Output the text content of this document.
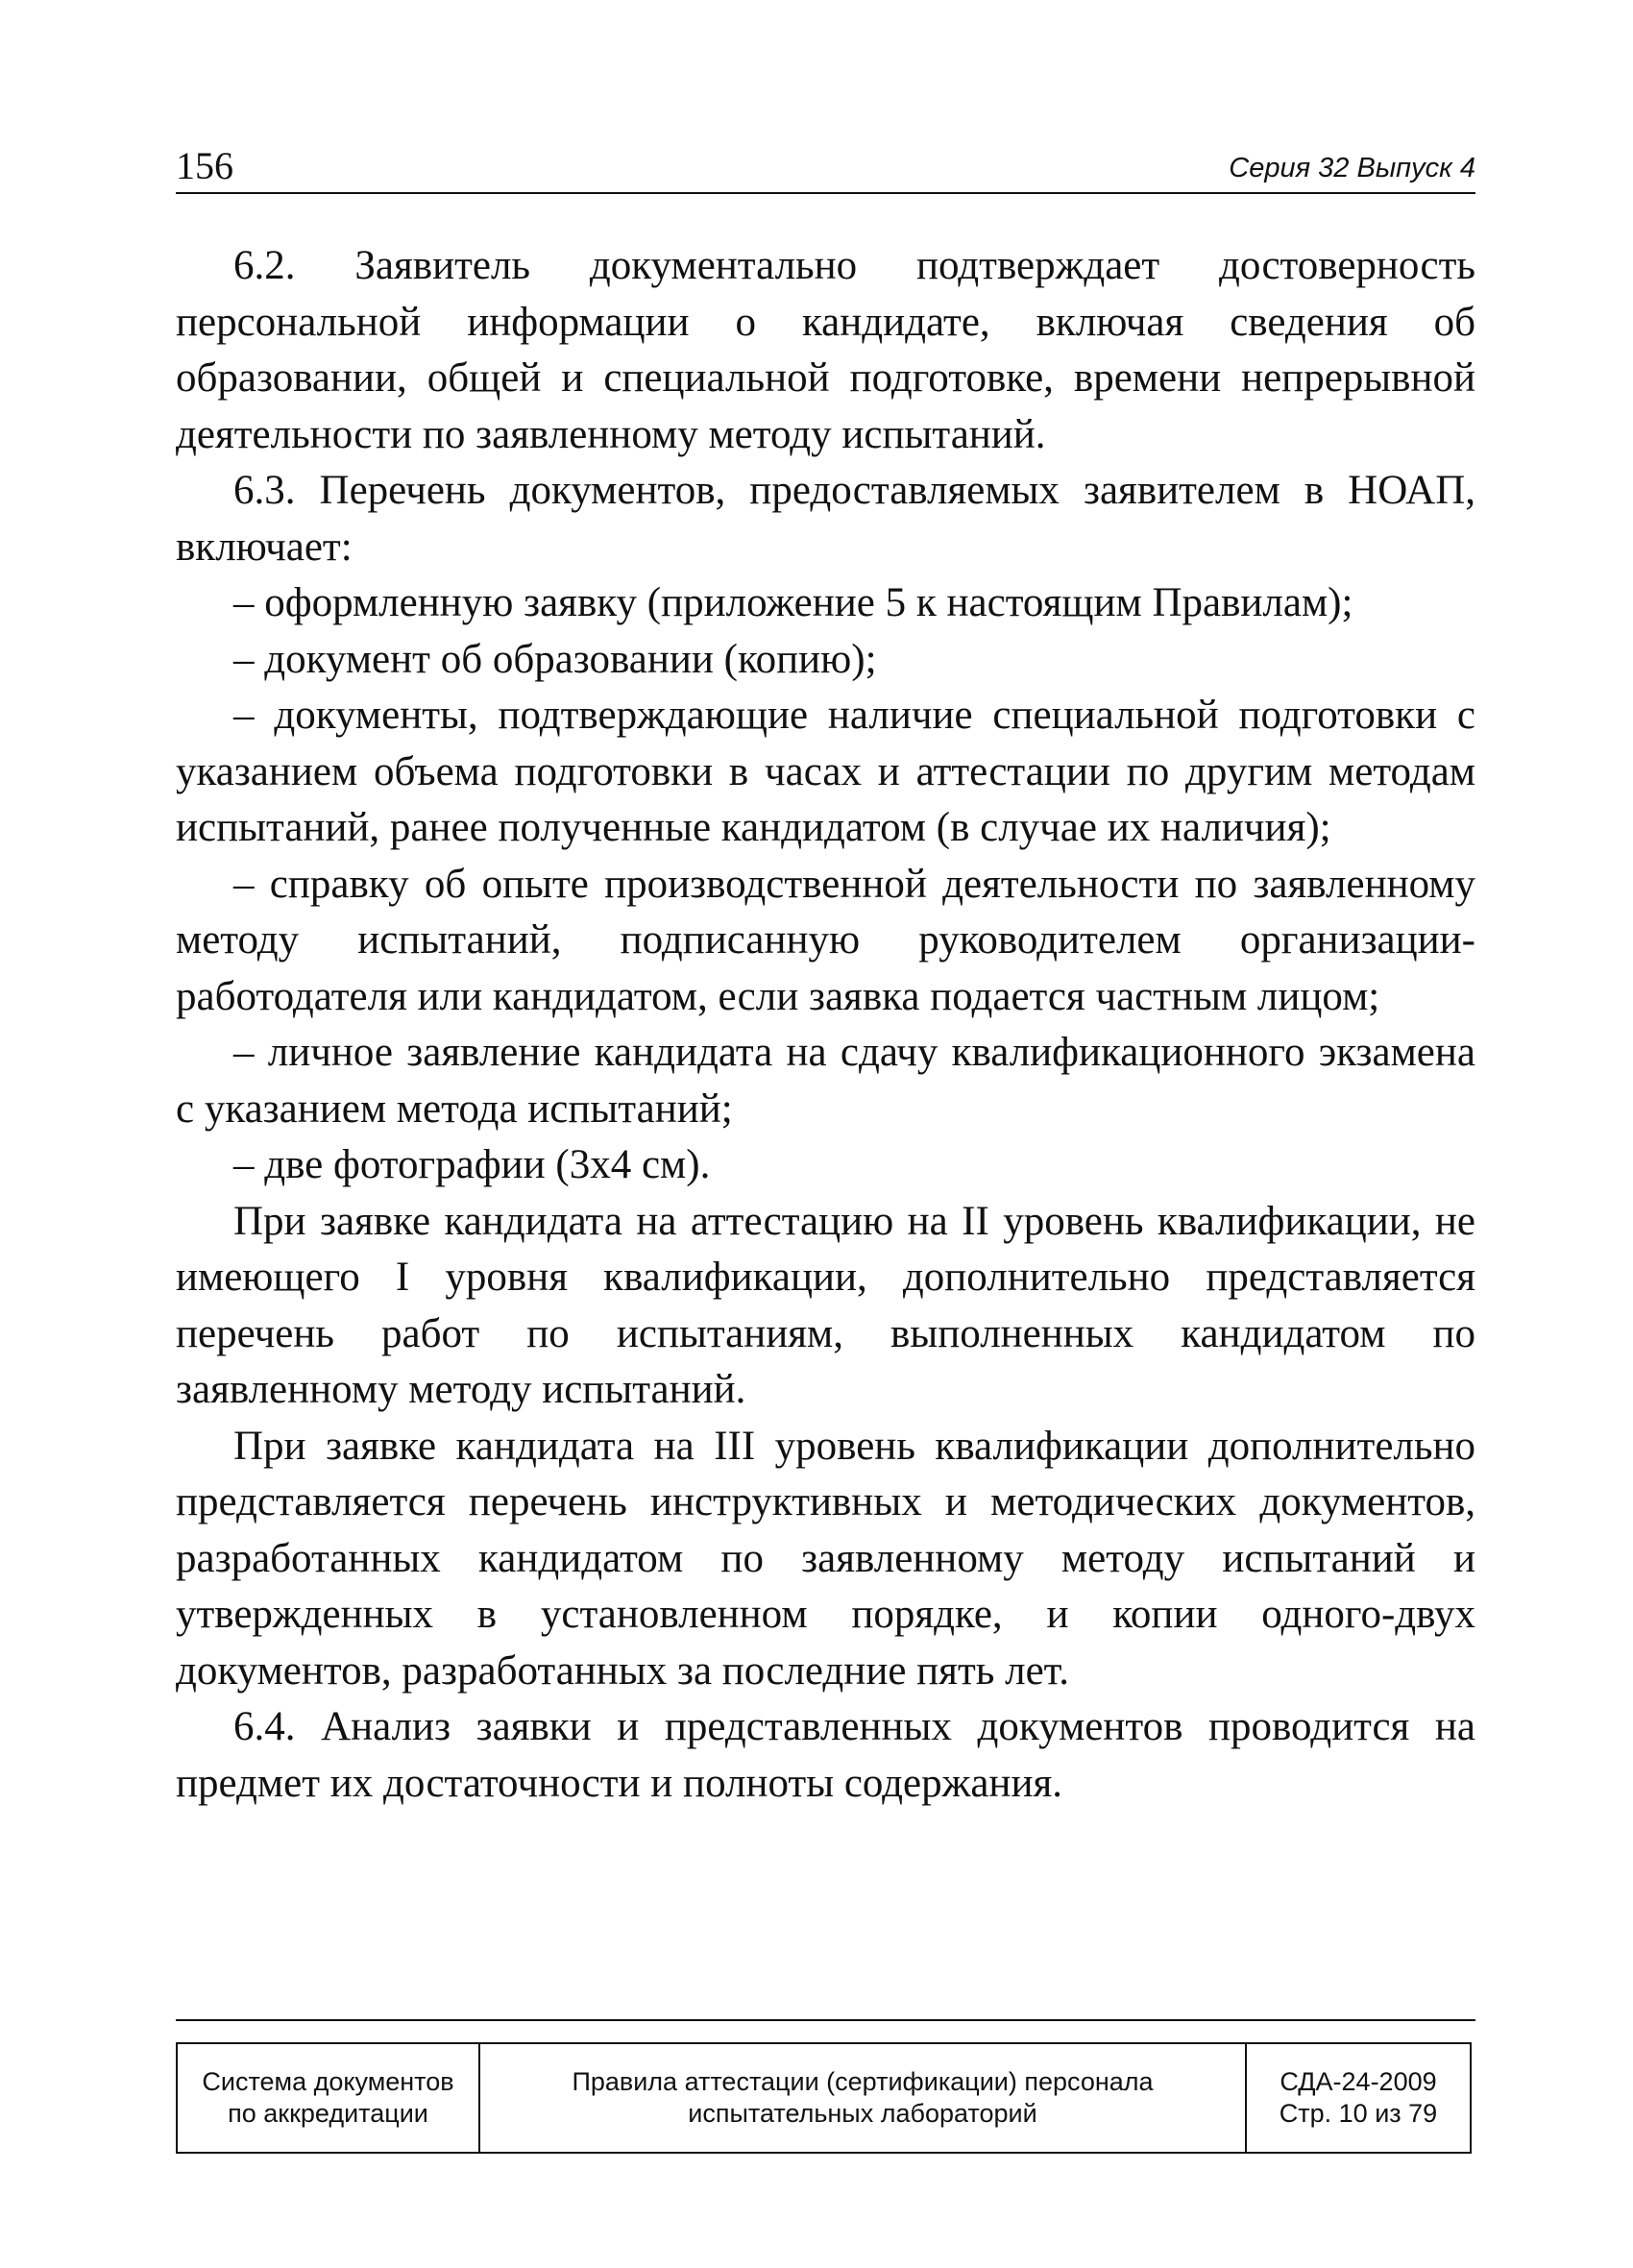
156	Серия 32 Выпуск 4

6.2. Заявитель документально подтверждает достоверность персональной информации о кандидате, включая сведения об образовании, общей и специальной подготовке, времени непрерывной деятельности по заявленному методу испытаний.

6.3. Перечень документов, предоставляемых заявителем в НОАП, включает:

– оформленную заявку (приложение 5 к настоящим Правилам);

– документ об образовании (копию);

– документы, подтверждающие наличие специальной подготовки с указанием объема подготовки в часах и аттестации по другим методам испытаний, ранее полученные кандидатом (в случае их наличия);

– справку об опыте производственной деятельности по заявленному методу испытаний, подписанную руководителем организации-работодателя или кандидатом, если заявка подается частным лицом;

– личное заявление кандидата на сдачу квалификационного экзамена с указанием метода испытаний;

– две фотографии (3х4 см).

При заявке кандидата на аттестацию на II уровень квалификации, не имеющего I уровня квалификации, дополнительно представляется перечень работ по испытаниям, выполненных кандидатом по заявленному методу испытаний.

При заявке кандидата на III уровень квалификации дополнительно представляется перечень инструктивных и методических документов, разработанных кандидатом по заявленному методу испытаний и утвержденных в установленном порядке, и копии одного-двух документов, разработанных за последние пять лет.

6.4. Анализ заявки и представленных документов проводится на предмет их достаточности и полноты содержания.

Система документов
по аккредитации
Правила аттестации (сертификации) персонала
испытательных лабораторий
СДА-24-2009
Стр. 10 из 79
